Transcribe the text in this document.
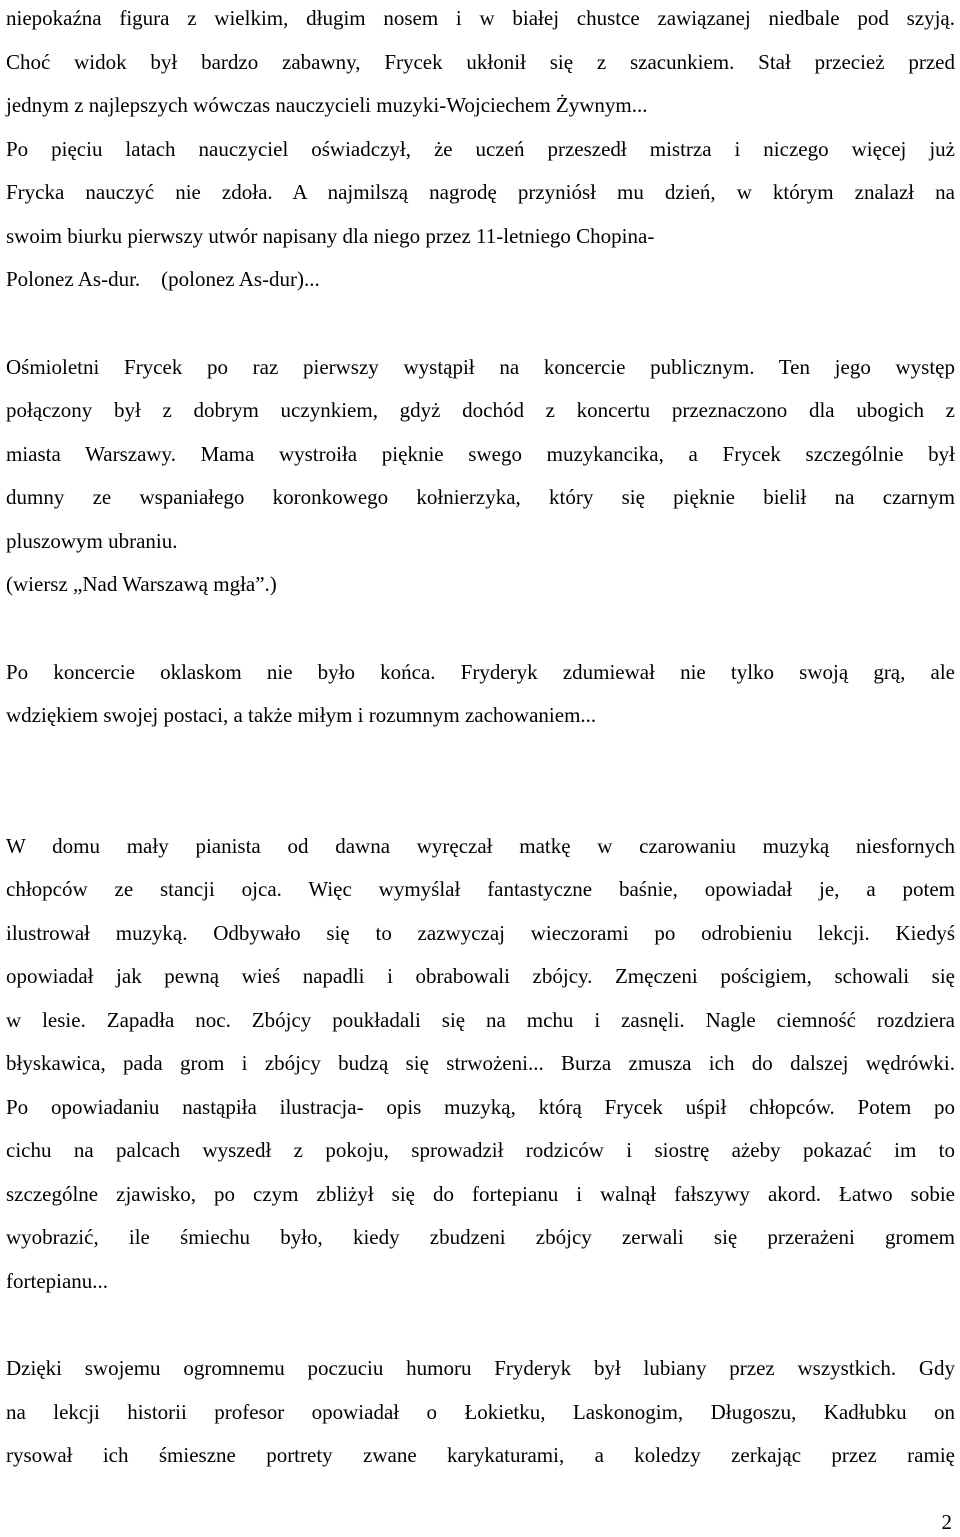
niepokaźna figura z wielkim, długim nosem i w białej chustce zawiązanej niedbale pod szyją.
Choć widok był bardzo zabawny, Frycek ukłonił się z szacunkiem. Stał przecież przed
jednym z najlepszych wówczas nauczycieli muzyki-Wojciechem Żywnym...
Po pięciu latach nauczyciel oświadczył, że uczeń przeszedł mistrza i niczego więcej już
Frycka nauczyć nie zdoła. A najmilszą nagrodę przyniósł mu dzień, w którym znalazł na
swoim biurku pierwszy utwór napisany dla niego przez 11-letniego Chopina-
Polonez As-dur.    (polonez As-dur)...

Ośmioletni Frycek po raz pierwszy wystąpił na koncercie publicznym. Ten jego występ
połączony był z dobrym uczynkiem, gdyż dochód z koncertu przeznaczono dla ubogich z
miasta Warszawy. Mama wystroiła pięknie swego muzykancika, a Frycek szczególnie był
dumny ze wspaniałego koronkowego kołnierzyka, który się pięknie bielił na czarnym
pluszowym ubraniu.
(wiersz „Nad Warszawą mgła”.)

Po koncercie oklaskom nie było końca. Fryderyk zdumiewał nie tylko swoją grą, ale
wdziękiem swojej postaci, a także miłym i rozumnym zachowaniem...

W domu mały pianista od dawna wyręczał matkę w czarowaniu muzyką niesfornych
chłopców ze stancji ojca. Więc wymyślał fantastyczne baśnie, opowiadał je, a potem
ilustrował muzyką. Odbywało się to zazwyczaj wieczorami po odrobieniu lekcji. Kiedyś
opowiadał jak pewną wieś napadli i obrabowali zbójcy. Zmęczeni pościgiem, schowali się
w lesie. Zapadła noc. Zbójcy poukładali się na mchu i zasnęli. Nagle ciemność rozdziera
błyskawica, pada grom i zbójcy budzą się strwożeni... Burza zmusza ich do dalszej wędrówki.
Po opowiadaniu nastąpiła ilustracja- opis muzyką, którą Frycek uśpił chłopców. Potem po
cichu na palcach wyszedł z pokoju, sprowadził rodziców i siostrę ażeby pokazać im to
szczególne zjawisko, po czym zbliżył się do fortepianu i walnął fałszywy akord. Łatwo sobie
wyobrazić, ile śmiechu było, kiedy zbudzeni zbójcy zerwali się przerażeni gromem
fortepianu...

Dzięki swojemu ogromnemu poczuciu humoru Fryderyk był lubiany przez wszystkich. Gdy
na lekcji historii profesor opowiadał o Łokietku, Laskonogim, Długoszu, Kadłubku on
rysował ich śmieszne portrety zwane karykaturami, a koledzy zerkając przez ramię

2
